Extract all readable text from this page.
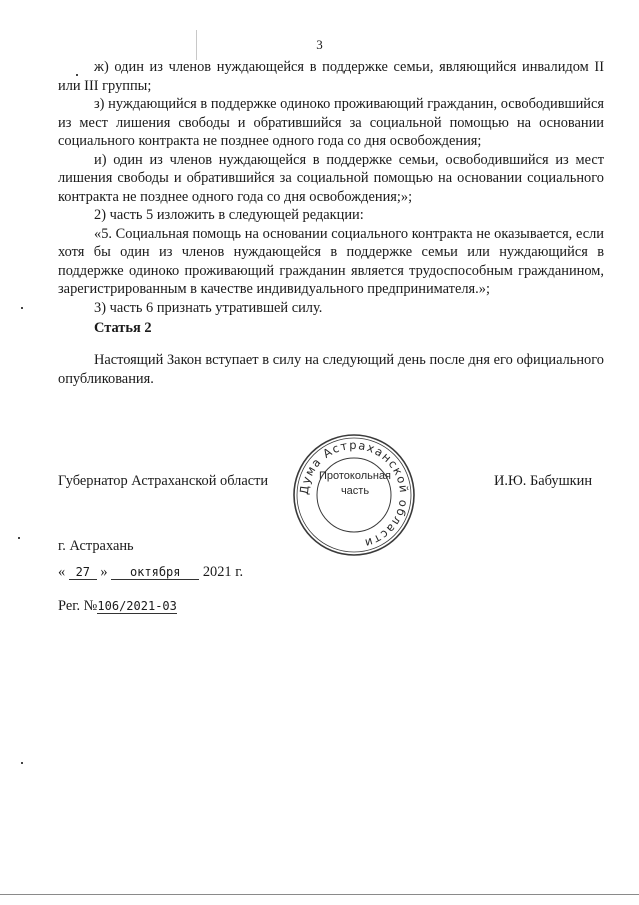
3

ж) один из членов нуждающейся в поддержке семьи, являющийся инвалидом II или III группы;

з) нуждающийся в поддержке одиноко проживающий гражданин, освободившийся из мест лишения свободы и обратившийся за социальной помощью на основании социального контракта не позднее одного года со дня освобождения;

и) один из членов нуждающейся в поддержке семьи, освободившийся из мест лишения свободы и обратившийся за социальной помощью на основании социального контракта не позднее одного года со дня освобождения;»;

2) часть 5 изложить в следующей редакции:

«5. Социальная помощь на основании социального контракта не оказывается, если хотя бы один из членов нуждающейся в поддержке семьи или нуждающийся в поддержке одиноко проживающий гражданин является трудоспособным гражданином, зарегистрированным в качестве индивидуального предпринимателя.»;

3) часть 6 признать утратившей силу.

Статья 2
Настоящий Закон вступает в силу на следующий день после дня его официального опубликования.
Губернатор Астраханской области	И.Ю. Бабушкин
Дума Астраханской области
Протокольная
часть
г. Астрахань
« 27 » октября 2021 г.
Рег. №106/2021-03
